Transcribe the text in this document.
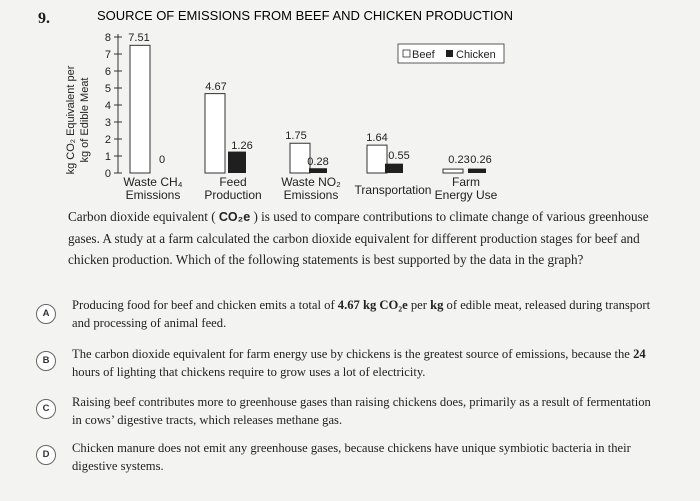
9.	SOURCE OF EMISSIONS FROM BEEF AND CHICKEN PRODUCTION
kg CO₂ Equivalent per kg of Edible Meat
0
1
2
3
4
5
6
7
8 7.51
4.67
1.75	1.64
0.23
0
1.26
0.28	0.55	0.26
Waste CH₄
Emissions
Feed
Production
Waste NO₂
Emissions Transportation
Farm
Energy Use
Beef Chicken
Carbon dioxide equivalent ( CO₂e ) is used to compare contributions to climate change of various greenhouse gases. A study at a farm calculated the carbon dioxide equivalent for different production stages for beef and chicken production. Which of the following statements is best supported by the data in the graph?
A
Producing food for beef and chicken emits a total of 4.67 kg CO₂e per kg of edible meat, released during transport and processing of animal feed.
B	The carbon dioxide equivalent for farm energy use by chickens is the greatest source of emissions, because the 24 hours of lighting that chickens require to grow uses a lot of electricity.
C	Raising beef contributes more to greenhouse gases than raising chickens does, primarily as a result of fermentation in cows’ digestive tracts, which releases methane gas.
D	Chicken manure does not emit any greenhouse gases, because chickens have unique symbiotic bacteria in their digestive systems.
